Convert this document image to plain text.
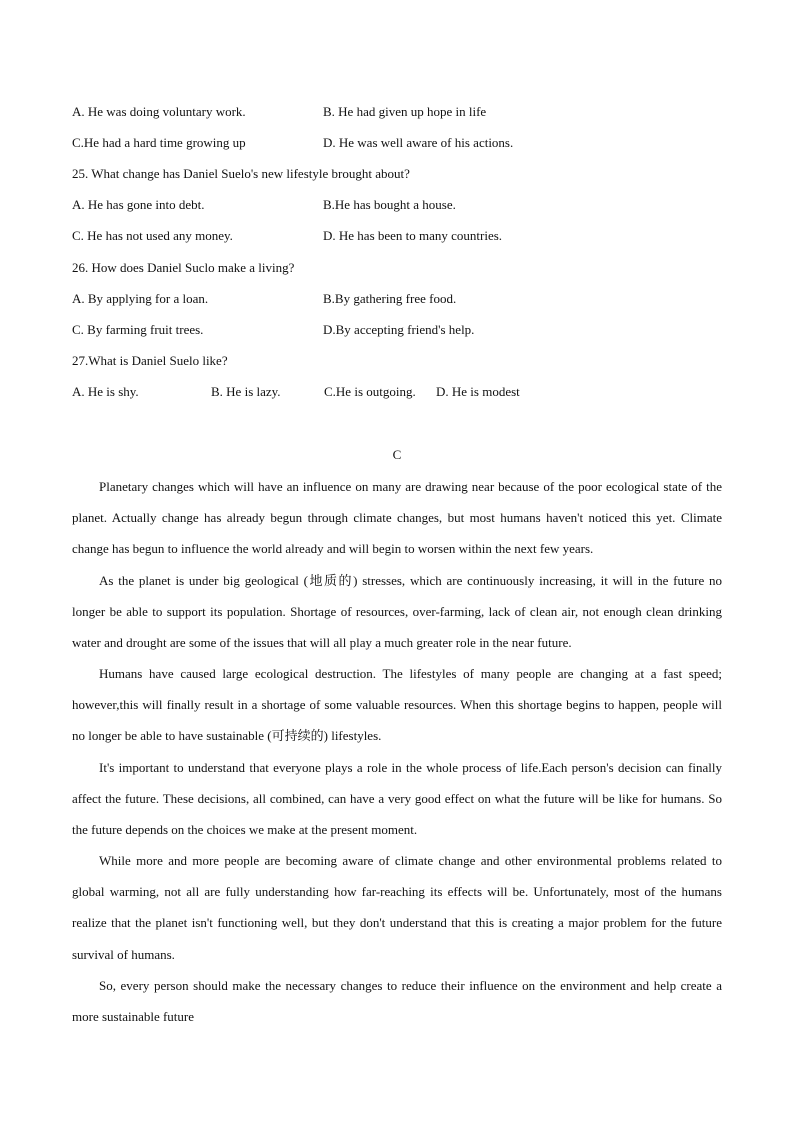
A. He was doing voluntary work.	B. He had given up hope in life
C.He had a hard time growing up	D. He was well aware of his actions.
25. What change has Daniel Suelo's new lifestyle brought about?
A. He has gone into debt.	B.He has bought a house.
C. He has not used any money.	D. He has been to many countries.
26. How does Daniel Suclo make a living?
A. By applying for a loan.	B.By gathering free food.
C. By farming fruit trees.	D.By accepting friend's help.
27.What is Daniel Suelo like?
A. He is shy.	B. He is lazy.	C.He is outgoing. D. He is modest
C

Planetary changes which will have an influence on many are drawing near because of the poor ecological state of the planet. Actually change has already begun through climate changes, but most humans haven't noticed this yet. Climate change has begun to influence the world already and will begin to worsen within the next few years.

As the planet is under big geological (地质的) stresses, which are continuously increasing, it will in the future no longer be able to support its population. Shortage of resources, over-farming, lack of clean air, not enough clean drinking water and drought are some of the issues that will all play a much greater role in the near future.

Humans have caused large ecological destruction. The lifestyles of many people are changing at a fast speed; however,this will finally result in a shortage of some valuable resources. When this shortage begins to happen, people will no longer be able to have sustainable (可持续的) lifestyles.

It's important to understand that everyone plays a role in the whole process of life.Each person's decision can finally affect the future. These decisions, all combined, can have a very good effect on what the future will be like for humans. So the future depends on the choices we make at the present moment.

While more and more people are becoming aware of climate change and other environmental problems related to global warming, not all are fully understanding how far-reaching its effects will be. Unfortunately, most of the humans realize that the planet isn't functioning well, but they don't understand that this is creating a major problem for the future survival of humans.

So, every person should make the necessary changes to reduce their influence on the environment and help create a more sustainable future
